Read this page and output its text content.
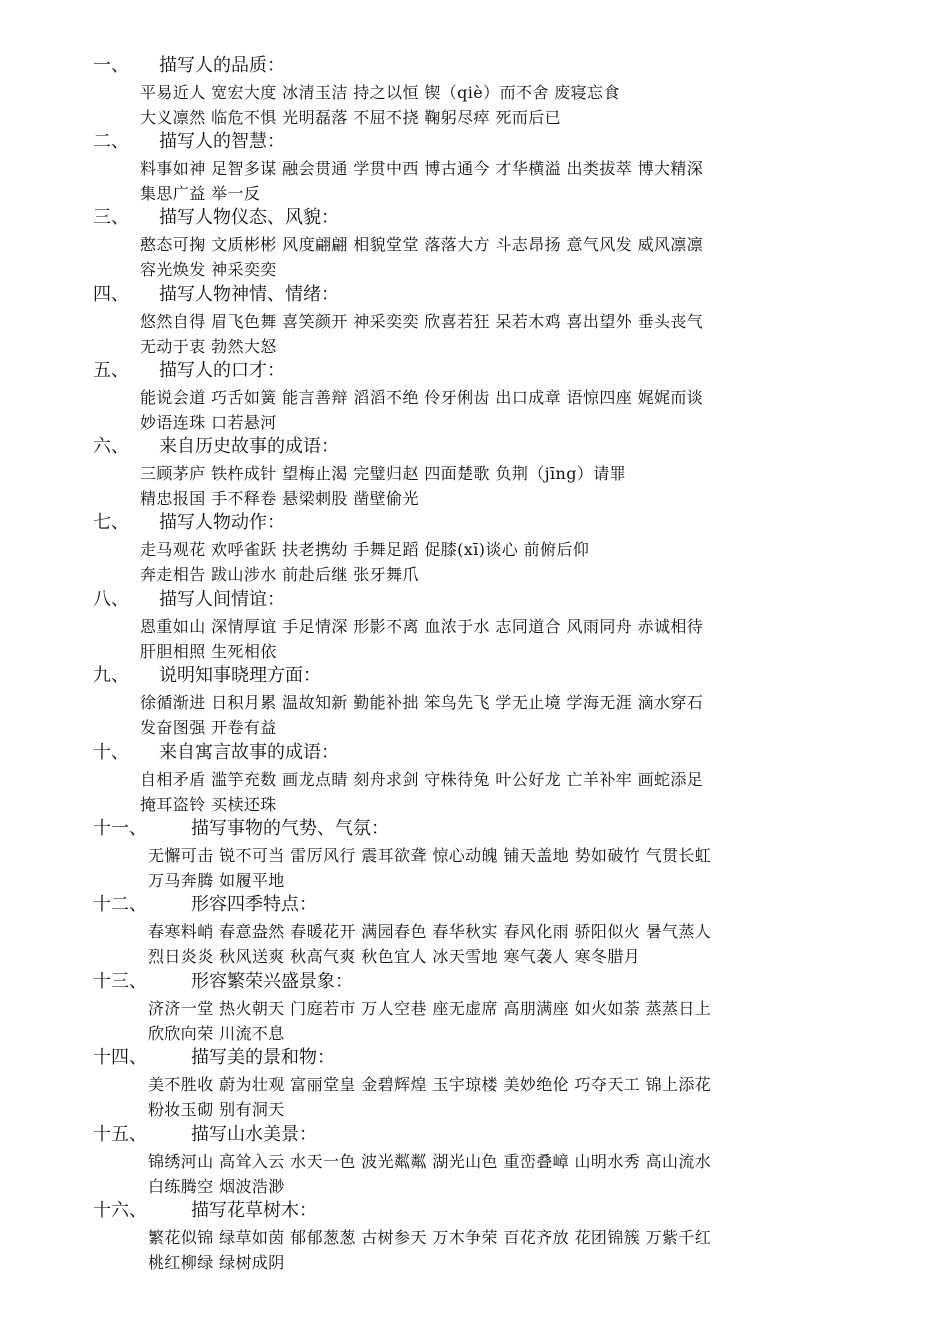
一、 描写人的品质：
平易近人 宽宏大度 冰清玉洁 持之以恒 锲（qiè）而不舍 废寝忘食
大义凛然 临危不惧 光明磊落 不屈不挠 鞠躬尽瘁 死而后已
二、 描写人的智慧：
料事如神 足智多谋 融会贯通 学贯中西 博古通今 才华横溢 出类拔萃 博大精深
集思广益 举一反
三、 描写人物仪态、风貌：
憨态可掬 文质彬彬 风度翩翩 相貌堂堂 落落大方 斗志昂扬 意气风发 威风凛凛
容光焕发 神采奕奕
四、 描写人物神情、情绪：
悠然自得 眉飞色舞 喜笑颜开 神采奕奕 欣喜若狂 呆若木鸡 喜出望外 垂头丧气
无动于衷 勃然大怒
五、 描写人的口才：
能说会道 巧舌如簧 能言善辩 滔滔不绝 伶牙俐齿 出口成章 语惊四座 娓娓而谈
妙语连珠 口若悬河
六、 来自历史故事的成语：
三顾茅庐 铁杵成针 望梅止渴 完璧归赵 四面楚歌 负荆（jīng）请罪
精忠报国 手不释卷 悬梁刺股 凿壁偷光
七、 描写人物动作：
走马观花 欢呼雀跃 扶老携幼 手舞足蹈 促膝(xī)谈心 前俯后仰
奔走相告 跋山涉水 前赴后继 张牙舞爪
八、 描写人间情谊：
恩重如山 深情厚谊 手足情深 形影不离 血浓于水 志同道合 风雨同舟 赤诚相待
肝胆相照 生死相依
九、 说明知事晓理方面：
徐循渐进 日积月累 温故知新 勤能补拙 笨鸟先飞 学无止境 学海无涯 滴水穿石
发奋图强 开卷有益
十、 来自寓言故事的成语：
自相矛盾 滥竽充数 画龙点睛 刻舟求剑 守株待兔 叶公好龙 亡羊补牢 画蛇添足
掩耳盗铃 买椟还珠
十一、 描写事物的气势、气氛：
无懈可击 锐不可当 雷厉风行 震耳欲聋 惊心动魄 铺天盖地 势如破竹 气贯长虹
万马奔腾 如履平地
十二、 形容四季特点：
春寒料峭 春意盎然 春暖花开 满园春色 春华秋实 春风化雨 骄阳似火 暑气蒸人
烈日炎炎 秋风送爽 秋高气爽 秋色宜人 冰天雪地 寒气袭人 寒冬腊月
十三、 形容繁荣兴盛景象：
济济一堂 热火朝天 门庭若市 万人空巷 座无虚席 高朋满座 如火如荼 蒸蒸日上
欣欣向荣 川流不息
十四、 描写美的景和物：
美不胜收 蔚为壮观 富丽堂皇 金碧辉煌 玉宇琼楼 美妙绝伦 巧夺天工 锦上添花
粉妆玉砌 别有洞天
十五、 描写山水美景：
锦绣河山 高耸入云 水天一色 波光粼粼 湖光山色 重峦叠嶂 山明水秀 高山流水
白练腾空 烟波浩渺
十六、 描写花草树木：
繁花似锦 绿草如茵 郁郁葱葱 古树参天 万木争荣 百花齐放 花团锦簇 万紫千红
桃红柳绿 绿树成阴
